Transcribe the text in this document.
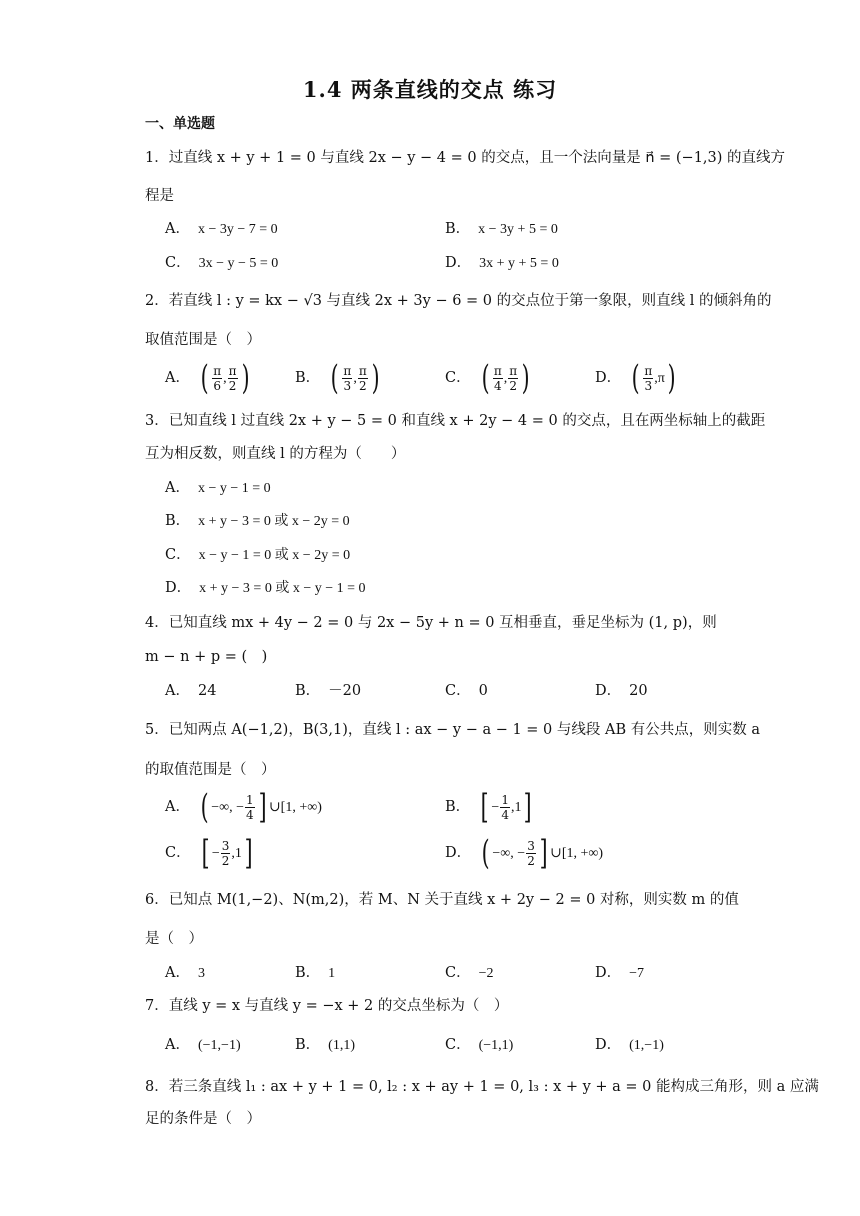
1.4 两条直线的交点 练习
一、单选题
1．过直线 x + y + 1 = 0 与直线 2x − y − 4 = 0 的交点，且一个法向量是 n⃗ = (−1,3) 的直线方
程是
A． x − 3y − 7 = 0	B． x − 3y + 5 = 0
C． 3x − y − 5 = 0	D． 3x + y + 5 = 0
2．若直线 l : y = kx − √3 与直线 2x + 3y − 6 = 0 的交点位于第一象限，则直线 l 的倾斜角的
取值范围是（　）
A． ( $\frac{\pi}{6}$ , $\frac{\pi}{2}$ )	B． ( $\frac{\pi}{3}$ , $\frac{\pi}{2}$ )	C． ( $\frac{\pi}{4}$ , $\frac{\pi}{2}$ )	D． ( $\frac{\pi}{3} ,\pi$)
3．已知直线 l 过直线 2x + y − 5 = 0 和直线 x + 2y − 4 = 0 的交点，且在两坐标轴上的截距
互为相反数，则直线 l 的方程为（　　）
A． x − y − 1 = 0
B． x + y − 3 = 0 或 x − 2y = 0
C． x − y − 1 = 0 或 x − 2y = 0
D． x + y − 3 = 0 或 x − y − 1 = 0
4．已知直线 mx + 4y − 2 = 0 与 2x − 5y + n = 0 互相垂直，垂足坐标为 (1, p)，则
m − n + p = (　)
A． 24	B． －20	C． 0	D． 20
5．已知两点 A(−1,2)，B(3,1)，直线 l : ax − y − a − 1 = 0 与线段 AB 有公共点，则实数 a
的取值范围是（　）
A． ( −∞, − $\frac{1}{4}$ ] ∪[1, +∞)	B． [ − $\frac{1}{4} ,1$]
C． [ − $\frac{3}{2} ,1$]	D． ( −∞, − $\frac{3}{2}$ ] ∪[1, +∞)
6．已知点 M(1,−2)、N(m,2)，若 M、N 关于直线 x + 2y − 2 = 0 对称，则实数 m 的值
是（　）
A． 3	B． 1	C． −2	D． −7
7．直线 y = x 与直线 y = −x + 2 的交点坐标为（　）
A． (−1,−1)	B． (1,1)	C． (−1,1)	D． (1,−1)
8．若三条直线 l₁ : ax + y + 1 = 0, l₂ : x + ay + 1 = 0, l₃ : x + y + a = 0 能构成三角形，则 a 应满
足的条件是（　）
